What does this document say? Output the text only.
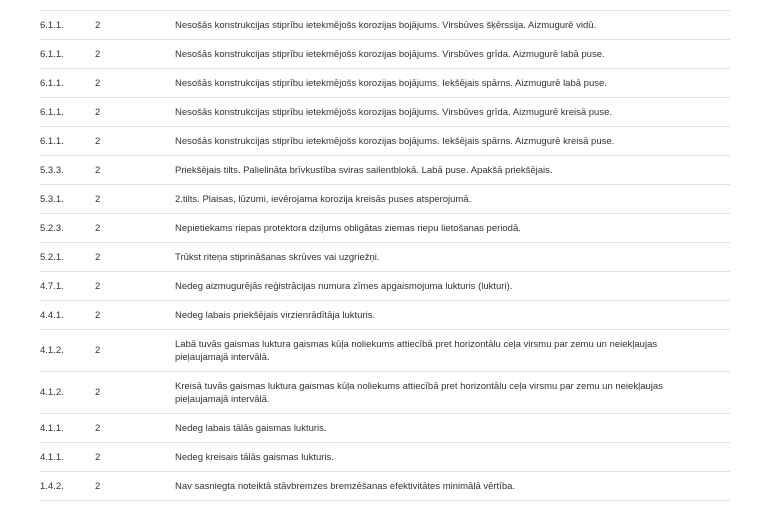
6.1.1.	2	Nesošās konstrukcijas stiprību ietekmējošs korozijas bojājums. Virsbūves šķērssija. Aizmugurē vidū.
6.1.1.	2	Nesošās konstrukcijas stiprību ietekmējošs korozijas bojājums. Virsbūves grīda. Aizmugurē labā puse.
6.1.1.	2	Nesošās konstrukcijas stiprību ietekmējošs korozijas bojājums. Iekšējais spārns. Aizmugurē labā puse.
6.1.1.	2	Nesošās konstrukcijas stiprību ietekmējošs korozijas bojājums. Virsbūves grīda. Aizmugurē kreisā puse.
6.1.1.	2	Nesošās konstrukcijas stiprību ietekmējošs korozijas bojājums. Iekšējais spārns. Aizmugurē kreisā puse.
5.3.3.	2	Priekšējais tilts. Palielināta brīvkustība sviras sailentblokā. Labā puse. Apakšā priekšējais.
5.3.1.	2	2.tilts. Plaisas, lūzumi, ievērojama korozija kreisās puses atsperojumā.
5.2.3.	2	Nepietiekams riepas protektora dziļums obligātas ziemas riepu lietošanas periodā.
5.2.1.	2	Trūkst riteņa stiprināšanas skrūves vai uzgriežņi.
4.7.1.	2	Nedeg aizmugurējās reģistrācijas numura zīmes apgaismojuma lukturis (lukturi).
4.4.1.	2	Nedeg labais priekšējais virzienrādītāja lukturis.
4.1.2.	2	Labā tuvās gaismas luktura gaismas kūļa noliekums attiecībā pret horizontālu ceļa virsmu par zemu un neiekļaujas pieļaujamajā intervālā.
4.1.2.	2	Kreisā tuvās gaismas luktura gaismas kūļa noliekums attiecībā pret horizontālu ceļa virsmu par zemu un neiekļaujas pieļaujamajā intervālā.
4.1.1.	2	Nedeg labais tālās gaismas lukturis.
4.1.1.	2	Nedeg kreisais tālās gaismas lukturis.
1.4.2.	2	Nav sasniegta noteiktā stāvbremzes bremzēšanas efektivitātes minimālā vērtība.
